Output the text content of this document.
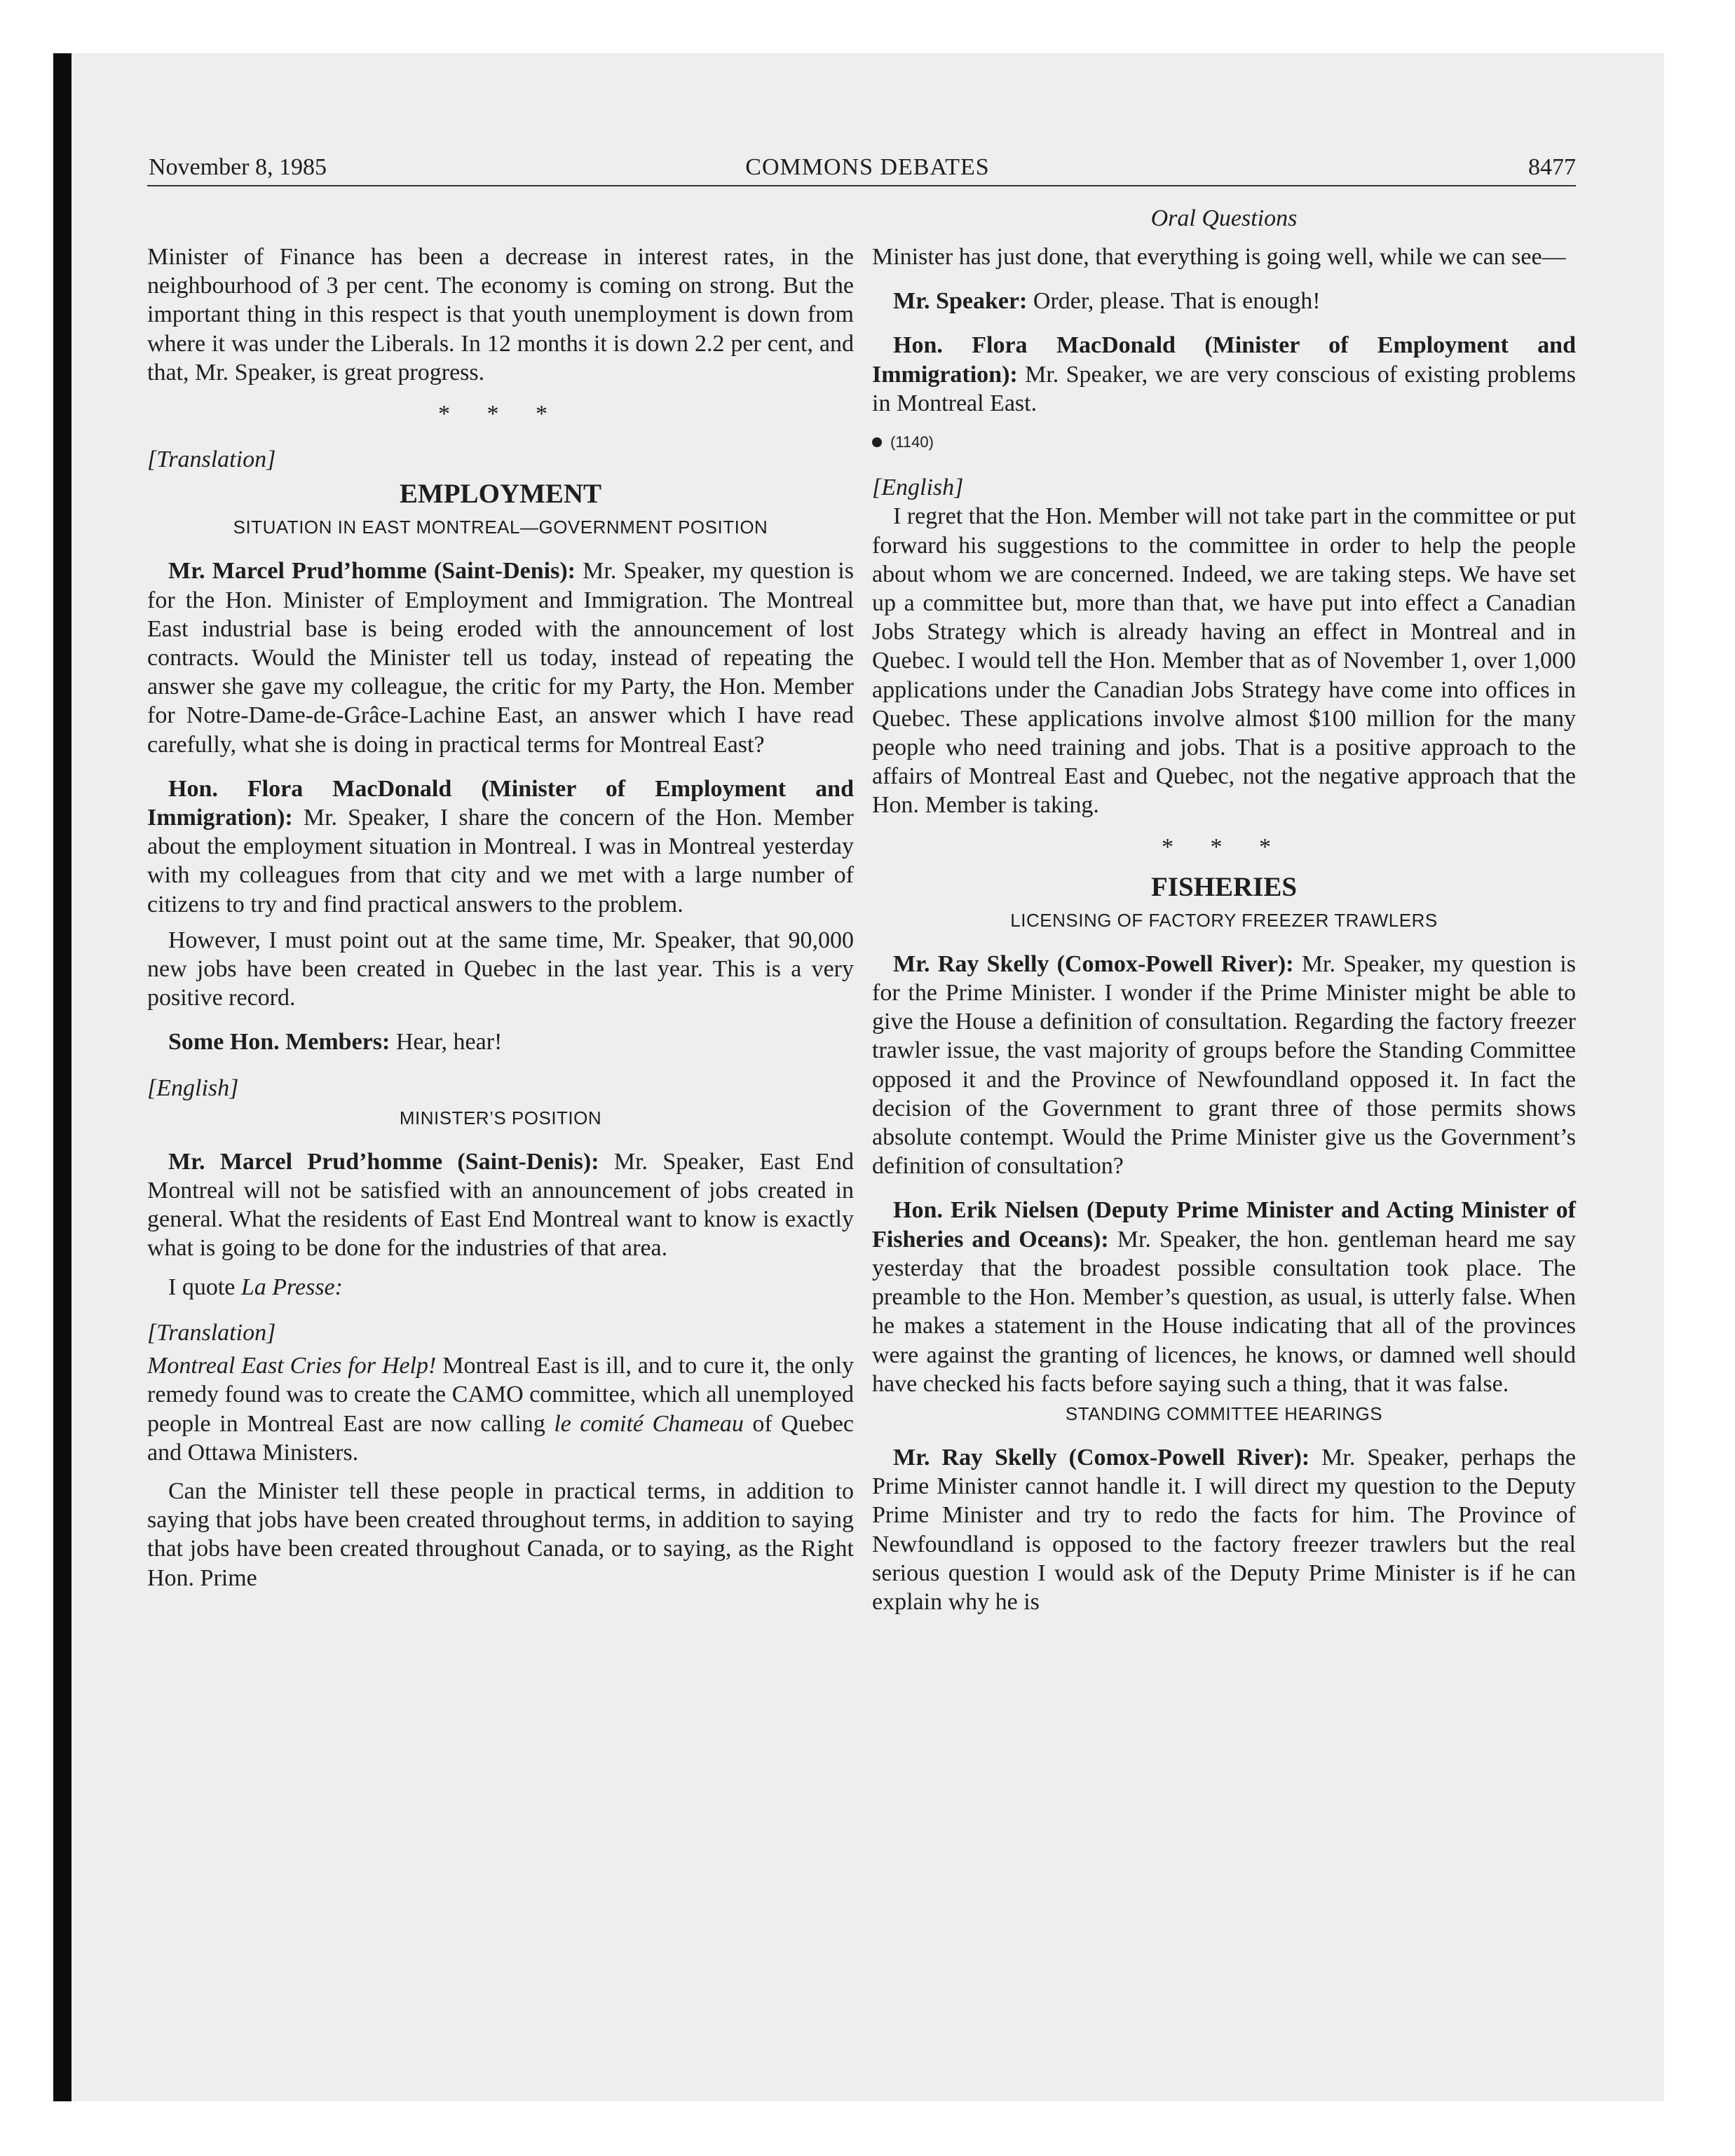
November 8, 1985	COMMONS DEBATES	8477
Oral Questions

Minister of Finance has been a decrease in interest rates, in the neighbourhood of 3 per cent. The economy is coming on strong. But the important thing in this respect is that youth unemployment is down from where it was under the Liberals. In 12 months it is down 2.2 per cent, and that, Mr. Speaker, is great progress.

* * *

[Translation]

EMPLOYMENT

SITUATION IN EAST MONTREAL—GOVERNMENT POSITION

Mr. Marcel Prud’homme (Saint-Denis): Mr. Speaker, my question is for the Hon. Minister of Employment and Immigration. The Montreal East industrial base is being eroded with the announcement of lost contracts. Would the Minister tell us today, instead of repeating the answer she gave my colleague, the critic for my Party, the Hon. Member for Notre-Dame-de-Grâce-Lachine East, an answer which I have read carefully, what she is doing in practical terms for Montreal East?

Hon. Flora MacDonald (Minister of Employment and Immigration): Mr. Speaker, I share the concern of the Hon. Member about the employment situation in Montreal. I was in Montreal yesterday with my colleagues from that city and we met with a large number of citizens to try and find practical answers to the problem.

However, I must point out at the same time, Mr. Speaker, that 90,000 new jobs have been created in Quebec in the last year. This is a very positive record.

Some Hon. Members: Hear, hear!

[English]

MINISTER’S POSITION

Mr. Marcel Prud’homme (Saint-Denis): Mr. Speaker, East End Montreal will not be satisfied with an announcement of jobs created in general. What the residents of East End Montreal want to know is exactly what is going to be done for the industries of that area.

I quote La Presse:

[Translation]

Montreal East Cries for Help! Montreal East is ill, and to cure it, the only remedy found was to create the CAMO committee, which all unemployed people in Montreal East are now calling le comité Chameau of Quebec and Ottawa Ministers.

Can the Minister tell these people in practical terms, in addition to saying that jobs have been created throughout terms, in addition to saying that jobs have been created throughout Canada, or to saying, as the Right Hon. Prime

Minister has just done, that everything is going well, while we can see—

Mr. Speaker: Order, please. That is enough!

Hon. Flora MacDonald (Minister of Employment and Immigration): Mr. Speaker, we are very conscious of existing problems in Montreal East.

(1140)

[English]

I regret that the Hon. Member will not take part in the committee or put forward his suggestions to the committee in order to help the people about whom we are concerned. Indeed, we are taking steps. We have set up a committee but, more than that, we have put into effect a Canadian Jobs Strategy which is already having an effect in Montreal and in Quebec. I would tell the Hon. Member that as of November 1, over 1,000 applications under the Canadian Jobs Strategy have come into offices in Quebec. These applications involve almost $100 million for the many people who need training and jobs. That is a positive approach to the affairs of Montreal East and Quebec, not the negative approach that the Hon. Member is taking.

* * *

FISHERIES

LICENSING OF FACTORY FREEZER TRAWLERS

Mr. Ray Skelly (Comox-Powell River): Mr. Speaker, my question is for the Prime Minister. I wonder if the Prime Minister might be able to give the House a definition of consultation. Regarding the factory freezer trawler issue, the vast majority of groups before the Standing Committee opposed it and the Province of Newfoundland opposed it. In fact the decision of the Government to grant three of those permits shows absolute contempt. Would the Prime Minister give us the Government’s definition of consultation?

Hon. Erik Nielsen (Deputy Prime Minister and Acting Minister of Fisheries and Oceans): Mr. Speaker, the hon. gentleman heard me say yesterday that the broadest possible consultation took place. The preamble to the Hon. Member’s question, as usual, is utterly false. When he makes a statement in the House indicating that all of the provinces were against the granting of licences, he knows, or damned well should have checked his facts before saying such a thing, that it was false.

STANDING COMMITTEE HEARINGS

Mr. Ray Skelly (Comox-Powell River): Mr. Speaker, perhaps the Prime Minister cannot handle it. I will direct my question to the Deputy Prime Minister and try to redo the facts for him. The Province of Newfoundland is opposed to the factory freezer trawlers but the real serious question I would ask of the Deputy Prime Minister is if he can explain why he is
